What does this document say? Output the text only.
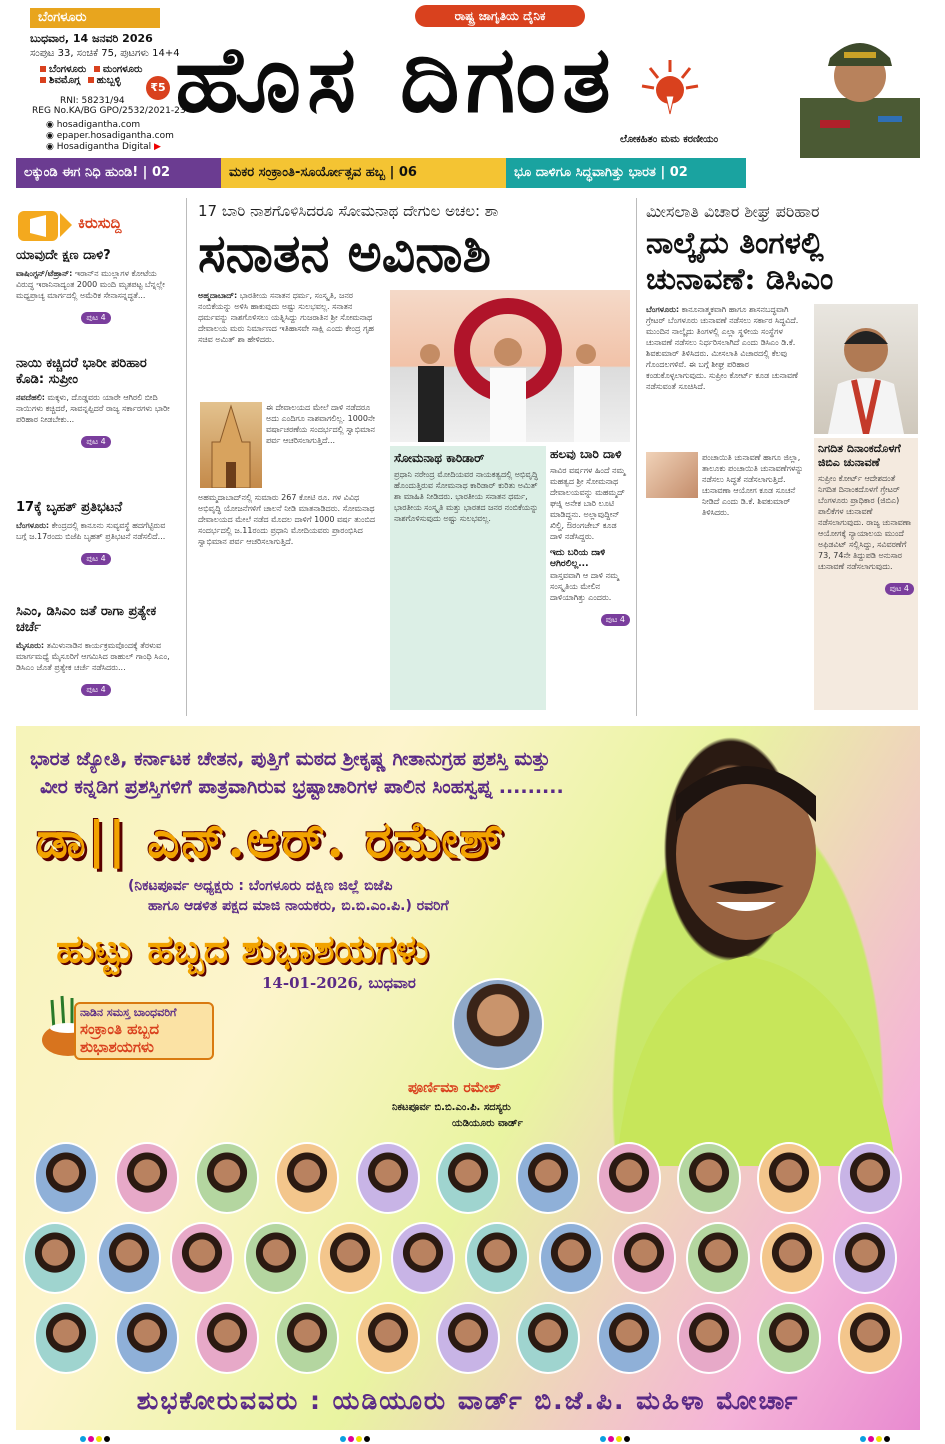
ಬೆಂಗಳೂರು
ಬುಧವಾರ, 14 ಜನವರಿ 2026
ಸಂಪುಟ 33, ಸಂಚಿಕೆ 75, ಪುಟಗಳು 14+4
ಬೆಂಗಳೂರು ಮಂಗಳೂರು ಶಿವಮೊಗ್ಗ ಹುಬ್ಬಳ್ಳಿ
₹5
RNI: 58231/94
REG No.KA/BG GPO/2532/2021-23
◉ hosadigantha.com
◉ epaper.hosadigantha.com
◉ Hosadigantha Digital ▶
ರಾಷ್ಟ್ರ ಜಾಗೃತಿಯ ದೈನಿಕ
ಹೊಸ ದಿಗಂತ
ಲೋಕಹಿತಂ ಮಮ ಕರಣೀಯಂ
ಲಕ್ಕುಂಡಿ ಈಗ ನಿಧಿ ಹುಂಡಿ! | 02	ಮಕರ ಸಂಕ್ರಾಂತಿ-ಸೂರ್ಯೋತ್ಸವ ಹಬ್ಬ | 06	ಭೂ ದಾಳಿಗೂ ಸಿದ್ಧವಾಗಿತ್ತು ಭಾರತ | 02
ಕಿರುಸುದ್ದಿ
ಯಾವುದೇ ಕ್ಷಣ ದಾಳಿ?
ವಾಷಿಂಗ್ಟನ್/ಟೆಹ್ರಾನ್: ಇರಾನ್‌ನ ಮುಲ್ಲಾಗಳ ಕೋಟೆಯ ವಿರುದ್ಧ ಇರಾನಿನಾದ್ಯಂತ 2000 ಮಂದಿ ಮೃತಪಟ್ಟ ಬೆನ್ನಲ್ಲೇ ಮಧ್ಯಪ್ರಾಚ್ಯ ಮಾರ್ಗದಲ್ಲಿ ಅಮೆರಿಕ ಸೇನಾಸನ್ನದ್ಧತೆ...
ಪುಟ 4
ನಾಯಿ ಕಚ್ಚಿದರೆ ಭಾರೀ ಪರಿಹಾರ ಕೊಡಿ: ಸುಪ್ರೀಂ
ನವದೆಹಲಿ: ಮಕ್ಕಳು, ದೊಡ್ಡವರು ಯಾರೇ ಆಗಿರಲಿ ಬೀದಿ ನಾಯಿಗಳು ಕಚ್ಚಿದರೆ, ಸಾವನ್ನಪ್ಪಿದರೆ ರಾಜ್ಯ ಸರ್ಕಾರಗಳು ಭಾರೀ ಪರಿಹಾರ ನೀಡಬೇಕು...
ಪುಟ 4
17ಕ್ಕೆ ಬೃಹತ್ ಪ್ರತಿಭಟನೆ
ಬೆಂಗಳೂರು: ಕೇಂದ್ರದಲ್ಲಿ ಕಾನೂನು ಸುವ್ಯವಸ್ಥೆ ಹದಗೆಟ್ಟಿರುವ ಬಗ್ಗೆ ಜ.17ರಂದು ಬಿಜೆಪಿ ಬೃಹತ್ ಪ್ರತಿಭಟನೆ ನಡೆಸಲಿದೆ...
ಪುಟ 4
ಸಿಎಂ, ಡಿಸಿಎಂ ಜತೆ ರಾಗಾ ಪ್ರತ್ಯೇಕ ಚರ್ಚೆ
ಮೈಸೂರು: ತಮಿಳುನಾಡಿನ ಕಾರ್ಯಕ್ರಮವೊಂದಕ್ಕೆ ತೆರಳುವ ಮಾರ್ಗಮಧ್ಯೆ ಮೈಸೂರಿಗೆ ಆಗಮಿಸಿದ ರಾಹುಲ್ ಗಾಂಧಿ ಸಿಎಂ, ಡಿಸಿಎಂ ಜೊತೆ ಪ್ರತ್ಯೇಕ ಚರ್ಚೆ ನಡೆಸಿದರು...
ಪುಟ 4
17 ಬಾರಿ ನಾಶಗೊಳಿಸಿದರೂ ಸೋಮನಾಥ ದೇಗುಲ ಅಚಲ: ಶಾ
ಸನಾತನ ಅವಿನಾಶಿ
ಅಹ್ಮದಾಬಾದ್: ಭಾರತೀಯ ಸನಾತನ ಧರ್ಮ, ಸಂಸ್ಕೃತಿ, ಜನರ ನಂಬಿಕೆಯನ್ನು ಅಳಿಸಿ ಹಾಕುವುದು ಅಷ್ಟು ಸುಲಭವಲ್ಲ. ಸನಾತನ ಧರ್ಮವನ್ನು ನಾಶಗೊಳಿಸಲು ಯತ್ನಿಸಿದ್ದು ಗುಜರಾತಿನ ಶ್ರೀ ಸೋಮನಾಥ ದೇವಾಲಯ ಮರು ನಿರ್ಮಾಣದ ಇತಿಹಾಸವೇ ಸಾಕ್ಷಿ ಎಂದು ಕೇಂದ್ರ ಗೃಹ ಸಚಿವ ಅಮಿತ್ ಶಾ ಹೇಳಿದರು.
ಈ ದೇವಾಲಯದ ಮೇಲೆ ದಾಳಿ ನಡೆದರೂ ಅದು ಎಂದಿಗೂ ನಾಶವಾಗಲಿಲ್ಲ. 1000ನೇ ವರ್ಷಾಚರಣೆಯ ಸಂದರ್ಭದಲ್ಲಿ ಸ್ವಾಭಿಮಾನ ಪರ್ವ ಆಚರಿಸಲಾಗುತ್ತಿದೆ...
ಅಹಮ್ಮದಾಬಾದ್‌ನಲ್ಲಿ ಸುಮಾರು 267 ಕೋಟಿ ರೂ. ಗಳ ವಿವಿಧ ಅಭಿವೃದ್ಧಿ ಯೋಜನೆಗಳಿಗೆ ಚಾಲನೆ ನೀಡಿ ಮಾತನಾಡಿದರು. ಸೋಮನಾಥ ದೇವಾಲಯದ ಮೇಲೆ ನಡೆದ ಮೊದಲ ದಾಳಿಗೆ 1000 ವರ್ಷ ತುಂಬಿದ ಸಂದರ್ಭದಲ್ಲಿ ಜ.11ರಂದು ಪ್ರಧಾನಿ ಮೋದಿಯವರು ಪ್ರಾರಂಭಿಸಿದ ಸ್ವಾಭಿಮಾನ ಪರ್ವ ಆಚರಿಸಲಾಗುತ್ತಿದೆ.
ಸೋಮನಾಥ ಕಾರಿಡಾರ್
ಪ್ರಧಾನಿ ನರೇಂದ್ರ ಮೋದಿಯವರ ನಾಯಕತ್ವದಲ್ಲಿ ಅಭಿವೃದ್ಧಿ ಹೊಂದುತ್ತಿರುವ ಸೋಮನಾಥ ಕಾರಿಡಾರ್ ಕುರಿತು ಅಮಿತ್ ಶಾ ಮಾಹಿತಿ ನೀಡಿದರು. ಭಾರತೀಯ ಸನಾತನ ಧರ್ಮ, ಭಾರತೀಯ ಸಂಸ್ಕೃತಿ ಮತ್ತು ಭಾರತದ ಜನರ ನಂಬಿಕೆಯನ್ನು ನಾಶಗೊಳಿಸುವುದು ಅಷ್ಟು ಸುಲಭವಲ್ಲ.
ಹಲವು ಬಾರಿ ದಾಳಿ
ಸಾವಿರ ವರ್ಷಗಳ ಹಿಂದೆ ನಮ್ಮ ಮಹತ್ವದ ಶ್ರೀ ಸೋಮನಾಥ ದೇವಾಲಯವನ್ನು ಮಹಮ್ಮದ್ ಘಜ್ನಿ ಅನೇಕ ಬಾರಿ ಲೂಟಿ ಮಾಡಿದ್ದನು. ಅಲ್ಲಾವುದ್ದೀನ್ ಖಿಲ್ಜಿ, ಔರಂಗಜೇಬ್ ಕೂಡ ದಾಳಿ ನಡೆಸಿದ್ದರು.
ಇದು ಬರಿಯ ದಾಳಿ ಆಗಿರಲಿಲ್ಲ...
ವಾಸ್ತವವಾಗಿ ಆ ದಾಳಿ ನಮ್ಮ ಸಂಸ್ಕೃತಿಯ ಮೇಲಿನ ದಾಳಿಯಾಗಿತ್ತು ಎಂದರು.
ಪುಟ 4
ಮೀಸಲಾತಿ ವಿಚಾರ ಶೀಘ್ರ ಪರಿಹಾರ
ನಾಲ್ಕೈದು ತಿಂಗಳಲ್ಲಿ
ಚುನಾವಣೆ: ಡಿಸಿಎಂ
ಬೆಂಗಳೂರು: ಕಾನೂನಾತ್ಮಕವಾಗಿ ಹಾಗೂ ಶಾಸನಬದ್ಧವಾಗಿ ಗ್ರೇಟರ್ ಬೆಂಗಳೂರು ಚುನಾವಣೆ ನಡೆಸಲು ಸರ್ಕಾರ ಸಿದ್ಧವಿದೆ. ಮುಂದಿನ ನಾಲ್ಕೈದು ತಿಂಗಳಲ್ಲಿ ಎಲ್ಲಾ ಸ್ಥಳೀಯ ಸಂಸ್ಥೆಗಳ ಚುನಾವಣೆ ನಡೆಸಲು ನಿರ್ಧರಿಸಲಾಗಿದೆ ಎಂದು ಡಿಸಿಎಂ ಡಿ.ಕೆ. ಶಿವಕುಮಾರ್ ತಿಳಿಸಿದರು. ಮೀಸಲಾತಿ ವಿಚಾರದಲ್ಲಿ ಕೆಲವು ಗೊಂದಲಗಳಿವೆ. ಈ ಬಗ್ಗೆ ಶೀಘ್ರ ಪರಿಹಾರ ಕಂಡುಕೊಳ್ಳಲಾಗುವುದು. ಸುಪ್ರೀಂ ಕೋರ್ಟ್ ಕೂಡ ಚುನಾವಣೆ ನಡೆಸುವಂತೆ ಸೂಚಿಸಿದೆ.
ಪಂಚಾಯಿತಿ ಚುನಾವಣೆ ಹಾಗೂ ಜಿಲ್ಲಾ, ತಾಲೂಕು ಪಂಚಾಯಿತಿ ಚುನಾವಣೆಗಳನ್ನು ನಡೆಸಲು ಸಿದ್ಧತೆ ನಡೆಸಲಾಗುತ್ತಿದೆ. ಚುನಾವಣಾ ಆಯೋಗ ಕೂಡ ಸೂಚನೆ ನೀಡಿದೆ ಎಂದು ಡಿ.ಕೆ. ಶಿವಕುಮಾರ್ ತಿಳಿಸಿದರು.
ನಿಗದಿತ ದಿನಾಂಕದೊಳಗೆ ಜಿಬಿಎ ಚುನಾವಣೆ
ಸುಪ್ರೀಂ ಕೋರ್ಟ್ ಆದೇಶದಂತೆ ನಿಗದಿತ ದಿನಾಂಕದೊಳಗೆ ಗ್ರೇಟರ್ ಬೆಂಗಳೂರು ಪ್ರಾಧಿಕಾರ (ಜಿಬಿಎ) ಪಾಲಿಕೆಗಳ ಚುನಾವಣೆ ನಡೆಸಲಾಗುವುದು. ರಾಜ್ಯ ಚುನಾವಣಾ ಆಯೋಗಕ್ಕೆ ನ್ಯಾಯಾಲಯ ಮುಂದೆ ಅಫಿಡವಿಟ್ ಸಲ್ಲಿಸಿದ್ದು, ಸವಿವರಣೆಗೆ 73, 74ನೇ ತಿದ್ದುಪಡಿ ಅನುಸಾರ ಚುನಾವಣೆ ನಡೆಸಲಾಗುವುದು.
ಪುಟ 4
ಭಾರತ ಜ್ಯೋತಿ, ಕರ್ನಾಟಕ ಚೇತನ, ಪುತ್ತಿಗೆ ಮಠದ ಶ್ರೀಕೃಷ್ಣ ಗೀತಾನುಗ್ರಹ ಪ್ರಶಸ್ತಿ ಮತ್ತು
ವೀರ ಕನ್ನಡಿಗ ಪ್ರಶಸ್ತಿಗಳಿಗೆ ಪಾತ್ರವಾಗಿರುವ ಭ್ರಷ್ಟಾಚಾರಿಗಳ ಪಾಲಿನ ಸಿಂಹಸ್ವಪ್ನ .........
ಡಾ|| ಎನ್.ಆರ್. ರಮೇಶ್
(ನಿಕಟಪೂರ್ವ ಅಧ್ಯಕ್ಷರು : ಬೆಂಗಳೂರು ದಕ್ಷಿಣ ಜಿಲ್ಲೆ ಬಿಜೆಪಿ
ಹಾಗೂ ಆಡಳಿತ ಪಕ್ಷದ ಮಾಜಿ ನಾಯಕರು, ಬಿ.ಬಿ.ಎಂ.ಪಿ.) ರವರಿಗೆ
ಹುಟ್ಟು ಹಬ್ಬದ ಶುಭಾಶಯಗಳು
14-01-2026, ಬುಧವಾರ
ನಾಡಿನ ಸಮಸ್ತ ಬಾಂಧವರಿಗೆ
ಸಂಕ್ರಾಂತಿ ಹಬ್ಬದ
ಶುಭಾಶಯಗಳು
ಪೂರ್ಣಿಮಾ ರಮೇಶ್
ನಿಕಟಪೂರ್ವ ಬಿ.ಬಿ.ಎಂ.ಪಿ. ಸದಸ್ಯರು
ಯಡಿಯೂರು ವಾರ್ಡ್
ಶುಭಕೋರುವವರು : ಯಡಿಯೂರು ವಾರ್ಡ್ ಬಿ.ಜೆ.ಪಿ. ಮಹಿಳಾ ಮೋರ್ಚಾ
